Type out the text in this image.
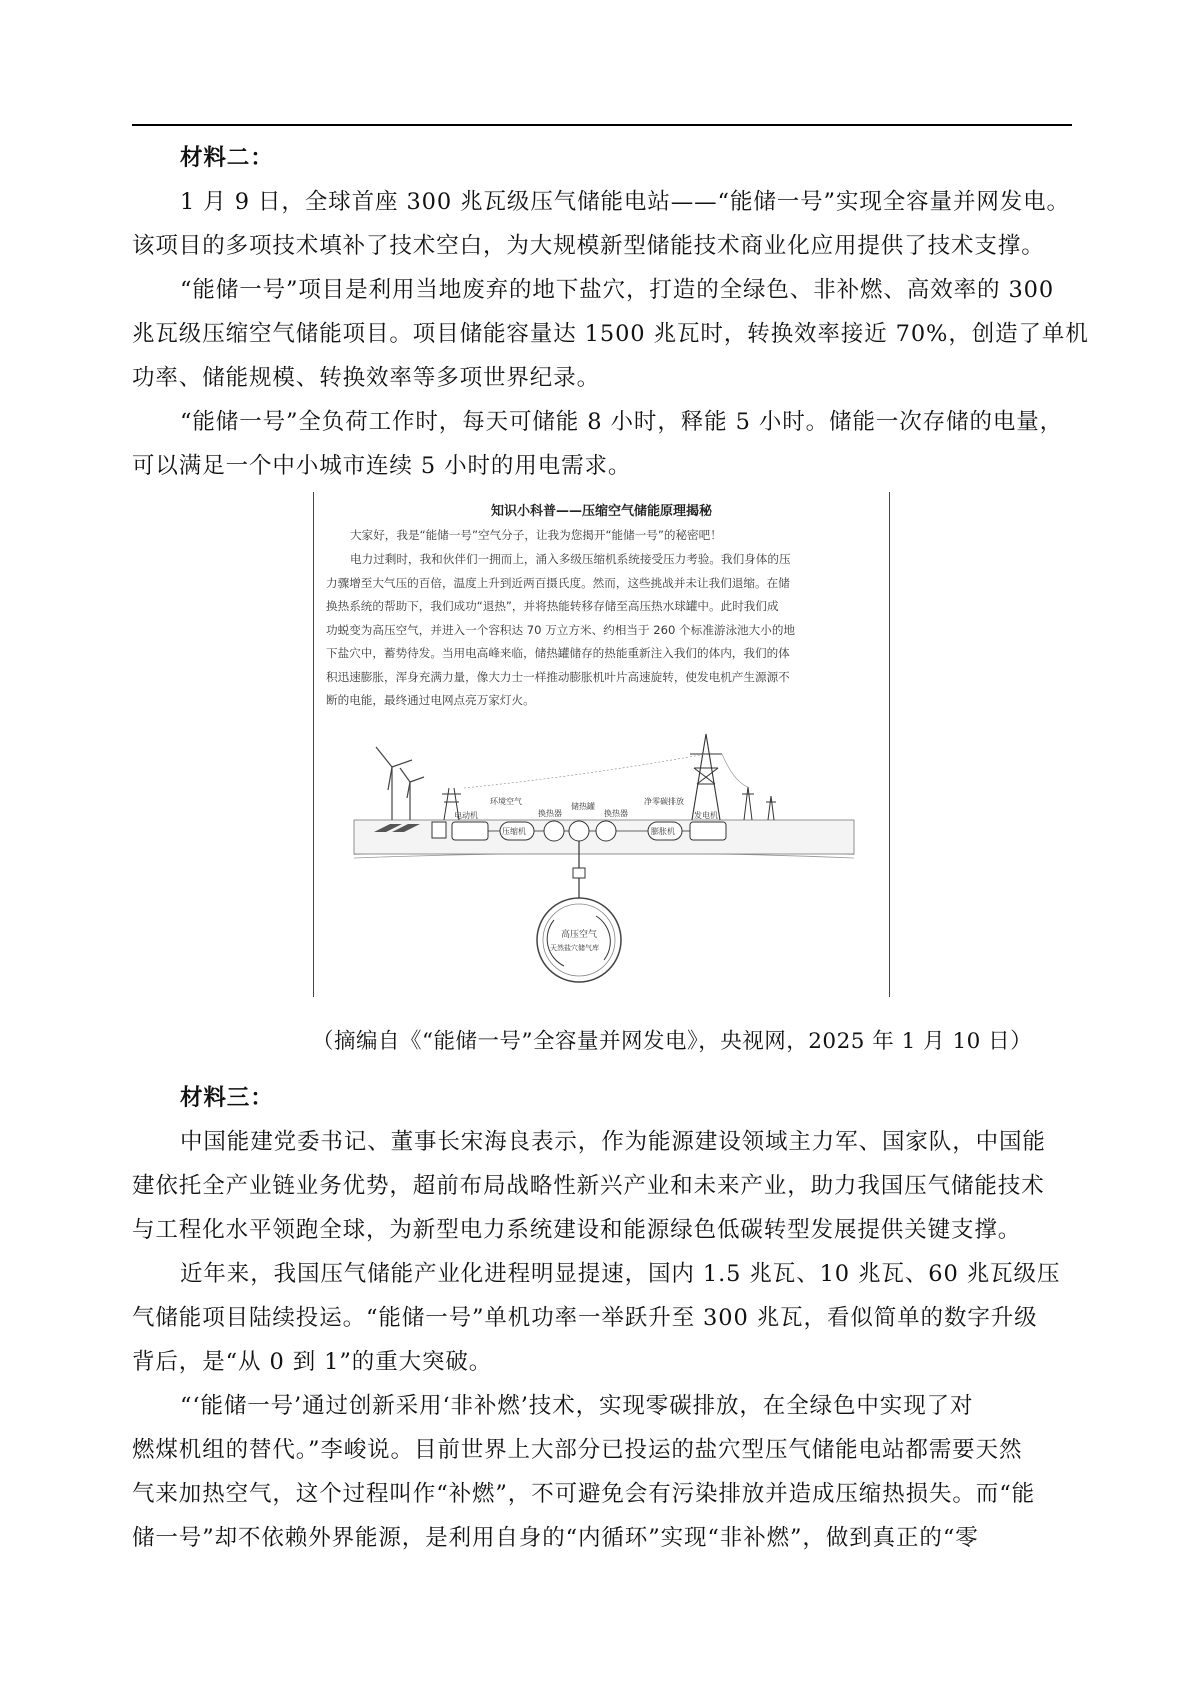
材料二：
1 月 9 日，全球首座 300 兆瓦级压气储能电站——“能储一号”实现全容量并网发电。
该项目的多项技术填补了技术空白，为大规模新型储能技术商业化应用提供了技术支撑。
“能储一号”项目是利用当地废弃的地下盐穴，打造的全绿色、非补燃、高效率的 300
兆瓦级压缩空气储能项目。项目储能容量达 1500 兆瓦时，转换效率接近 70%，创造了单机
功率、储能规模、转换效率等多项世界纪录。
“能储一号”全负荷工作时，每天可储能 8 小时，释能 5 小时。储能一次存储的电量，
可以满足一个中小城市连续 5 小时的用电需求。
知识小科普——压缩空气储能原理揭秘
大家好，我是“能储一号”空气分子，让我为您揭开“能储一号”的秘密吧！
电力过剩时，我和伙伴们一拥而上，涌入多级压缩机系统接受压力考验。我们身体的压
力骤增至大气压的百倍，温度上升到近两百摄氏度。然而，这些挑战并未让我们退缩。在储
换热系统的帮助下，我们成功“退热”，并将热能转移存储至高压热水球罐中。此时我们成
功蜕变为高压空气，并进入一个容积达 70 万立方米、约相当于 260 个标准游泳池大小的地
下盐穴中，蓄势待发。当用电高峰来临，储热罐储存的热能重新注入我们的体内，我们的体
积迅速膨胀，浑身充满力量，像大力士一样推动膨胀机叶片高速旋转，使发电机产生源源不
断的电能，最终通过电网点亮万家灯火。
电动机
环境空气
压缩机
换热器
储热罐
换热器
净零碳排放
膨胀机
发电机
高压空气
天然盐穴储气库
（摘编自《“能储一号”全容量并网发电》，央视网，2025 年 1 月 10 日）
材料三：
中国能建党委书记、董事长宋海良表示，作为能源建设领域主力军、国家队，中国能
建依托全产业链业务优势，超前布局战略性新兴产业和未来产业，助力我国压气储能技术
与工程化水平领跑全球，为新型电力系统建设和能源绿色低碳转型发展提供关键支撑。
近年来，我国压气储能产业化进程明显提速，国内 1.5 兆瓦、10 兆瓦、60 兆瓦级压
气储能项目陆续投运。“能储一号”单机功率一举跃升至 300 兆瓦，看似简单的数字升级
背后，是“从 0 到 1”的重大突破。
“‘能储一号’通过创新采用‘非补燃’技术，实现零碳排放，在全绿色中实现了对
燃煤机组的替代。”李峻说。目前世界上大部分已投运的盐穴型压气储能电站都需要天然
气来加热空气，这个过程叫作“补燃”，不可避免会有污染排放并造成压缩热损失。而“能
储一号”却不依赖外界能源，是利用自身的“内循环”实现“非补燃”，做到真正的“零
